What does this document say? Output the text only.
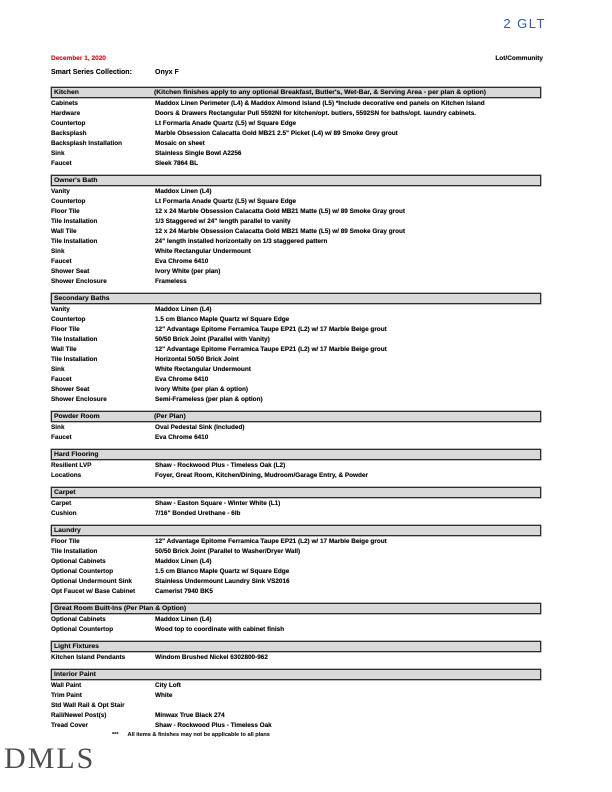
2 GLT
December 1, 2020	Lot/Community
Smart Series Collection:	Onyx F
Kitchen	(Kitchen finishes apply to any optional Breakfast, Butler's, Wet-Bar, & Serving Area - per plan & option)
Cabinets	Maddox Linen Perimeter (L4) & Maddox Almond Island (L5) *Include decorative end panels on Kitchen Island
Hardware	Doors & Drawers Rectangular Pull 5592NI for kitchen/opt. butlers, 5592SN for baths/opt. laundry cabinets.
Countertop	Lt Formarla Anade Quartz (L5) w/ Square Edge
Backsplash	Marble Obsession Calacatta Gold MB21 2.5" Picket (L4) w/ 89 Smoke Grey grout
Backsplash Installation	Mosaic on sheet
Sink	Stainless Single Bowl A2256
Faucet	Sleek 7864 BL
Owner's Bath
Vanity	Maddox Linen (L4)
Countertop	Lt Formarla Anade Quartz (L5) w/ Square Edge
Floor Tile	12 x 24 Marble Obsession Calacatta Gold MB21 Matte (L5) w/ 89 Smoke Gray grout
Tile Installation	1/3 Staggered w/ 24" length parallel to vanity
Wall Tile	12 x 24 Marble Obsession Calacatta Gold MB21 Matte (L5) w/ 89 Smoke Gray grout
Tile Installation	24" length installed horizontally on 1/3 staggered pattern
Sink	White Rectangular Undermount
Faucet	Eva Chrome 6410
Shower Seat	Ivory White (per plan)
Shower Enclosure	Frameless
Secondary Baths
Vanity	Maddox Linen (L4)
Countertop	1.5 cm Blanco Maple Quartz w/ Square Edge
Floor Tile	12" Advantage Epitome Ferramica Taupe EP21 (L2) w/ 17 Marble Beige grout
Tile Installation	50/50 Brick Joint (Parallel with Vanity)
Wall Tile	12" Advantage Epitome Ferramica Taupe EP21 (L2) w/ 17 Marble Beige grout
Tile Installation	Horizontal 50/50 Brick Joint
Sink	White Rectangular Undermount
Faucet	Eva Chrome 6410
Shower Seat	Ivory White (per plan & option)
Shower Enclosure	Semi-Frameless (per plan & option)
Powder Room	(Per Plan)
Sink	Oval Pedestal Sink (Included)
Faucet	Eva Chrome 6410
Hard Flooring
Resilient LVP	Shaw - Rockwood Plus - Timeless Oak (L2)
Locations	Foyer, Great Room, Kitchen/Dining, Mudroom/Garage Entry, & Powder
Carpet
Carpet	Shaw - Easton Square - Winter White (L1)
Cushion	7/16" Bonded Urethane - 6lb
Laundry
Floor Tile	12" Advantage Epitome Ferramica Taupe EP21 (L2) w/ 17 Marble Beige grout
Tile Installation	50/50 Brick Joint (Parallel to Washer/Dryer Wall)
Optional Cabinets	Maddox Linen (L4)
Optional Countertop	1.5 cm Blanco Maple Quartz w/ Square Edge
Optional Undermount Sink	Stainless Undermount Laundry Sink VS2016
Opt Faucet w/ Base Cabinet	Camerist 7940 BK5
Great Room Built-Ins (Per Plan & Option)
Optional Cabinets	Maddox Linen (L4)
Optional Countertop	Wood top to coordinate with cabinet finish
Light Fixtures
Kitchen Island Pendants	Windom Brushed Nickel 6302800-962
Interior Paint
Wall Paint	City Loft
Trim Paint	White
Std Wall Rail & Opt Stair
Rail/Newel Post(s)	Minwax True Black 274
Tread Cover	Shaw - Rockwood Plus - Timeless Oak
*** All items & finishes may not be applicable to all plans
DMLS
